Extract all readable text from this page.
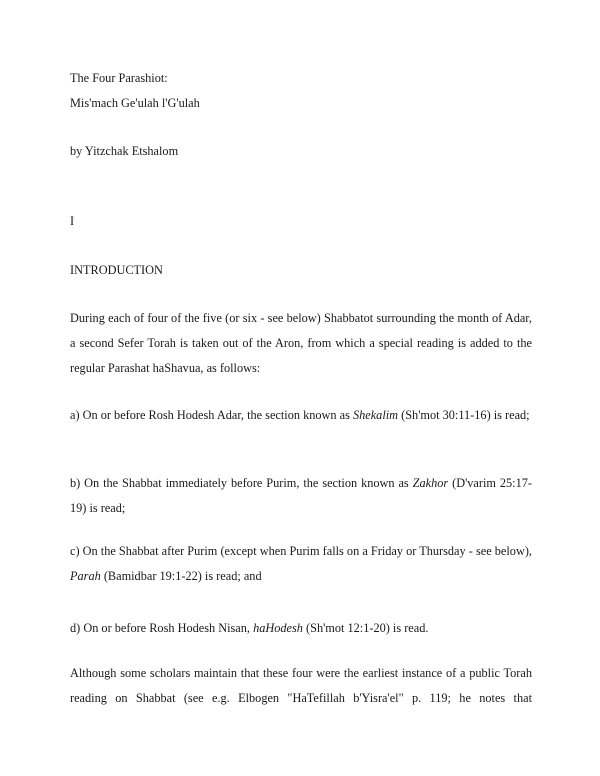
The Four Parashiot:
Mis'mach Ge'ulah l'G'ulah
by Yitzchak Etshalom
I
INTRODUCTION
During each of four of the five (or six - see below) Shabbatot surrounding the month of Adar, a second Sefer Torah is taken out of the Aron, from which a special reading is added to the regular Parashat haShavua, as follows:
a) On or before Rosh Hodesh Adar, the section known as Shekalim (Sh'mot 30:11-16) is read;
b) On the Shabbat immediately before Purim, the section known as Zakhor (D'varim 25:17-19) is read;
c) On the Shabbat after Purim (except when Purim falls on a Friday or Thursday - see below), Parah (Bamidbar 19:1-22) is read; and
d) On or before Rosh Hodesh Nisan, haHodesh (Sh'mot 12:1-20) is read.
Although some scholars maintain that these four were the earliest instance of a public Torah reading on Shabbat (see e.g. Elbogen "HaTefillah b'Yisra'el" p. 119; he notes that
